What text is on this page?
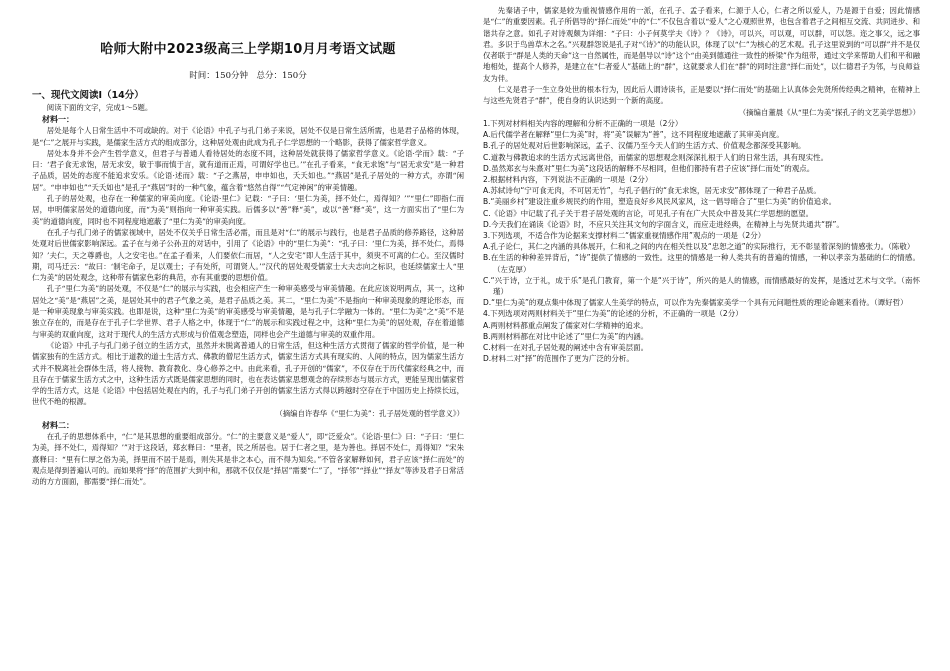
哈师大附中2023级高三上学期10月月考语文试题
时间：150分钟　总分：150分

一、现代文阅读Ⅰ（14分）

阅读下面的文字，完成1～5题。

材料一：

居处是每个人日常生活中不可或缺的。对于《论语》中孔子与孔门弟子来说，居处不仅是日常生活所需，也是君子品格的体现，是“仁”之展开与实践，是儒家生活方式的组成部分，这种居处观由此成为孔子仁学思想的一个略影，获得了儒家哲学意义。

居处本身并不会产生哲学意义，但君子与普通人看待居处的态度不同，这种居处就获得了儒家哲学意义。《论语·学而》载：“子曰：‘君子食无求饱，居无求安，敏于事而慎于言，就有道而正焉，可谓好学也已。’”在孔子看来，“食无求饱”与“居无求安”是一种君子品质，居处的态度不能追求安乐。《论语·述而》载：“子之燕居，申申如也，夭夭如也。”“燕居”是孔子居处的一种方式，亦谓“闲居”。“申申如也”“夭夭如也”是孔子“燕居”时的一种气象，蕴含着“悠然自得”“气定神闲”的审美情趣。

孔子的居处观，也存在一种儒家的审美向度。《论语·里仁》记载：“子曰：‘里仁为美，择不处仁，焉得知？’”“里仁”即指仁而居，申明儒家居处的道德向度，而“为美”则指向一种审美实践。后儒多以“善”释“美”，或以“善”释“美”，这一方面实出了“里仁为美”的道德向度，同时也不同程度地遮蔽了“里仁为美”的审美向度。

在孔子与孔门弟子的儒家视域中，居处不仅关乎日常生活必需，而且是对“仁”的展示与践行，也是君子品质的修养路径，这种居处观对后世儒家影响深远。孟子在与弟子公孙丑的对话中，引用了《论语》中的“里仁为美”：“孔子曰：‘里仁为美，择不处仁，焉得知？’夫仁，天之尊爵也，人之安宅也。”在孟子看来，人们要依仁而居，“人之安宅”即人生活于其中，须臾不可离的仁心。至汉儒时期，司马迁云：“故曰：‘制宅命子，足以观士；子有处所，可谓贤人。’”汉代的居处观受儒家士大夫志向之标识，也延续儒家士人“里仁为美”的居处观念，这种带有儒家色彩的典范，亦有其重要的思想价值。

孔子“里仁为美”的居处观，不仅是“仁”的展示与实践，也会相应产生一种审美感受与审美情趣。在此应该说明两点，其一，这种居处之“美”是“燕居”之美，是居处其中的君子气象之美，是君子品质之美。其二，“里仁为美”不是指向一种审美现象的理论形态，而是一种审美现象与审美实践。也即是说，这种“里仁为美”的审美感受与审美情趣，是与孔子仁学融为一体的。“里仁为美”之“美”不是独立存在的，而是存在于孔子仁学世界、君子人格之中，体现于“仁”的展示和实践过程之中，这种“里仁为美”的居处观，存在着道德与审美的双重向度，这对于现代人的生活方式形成与价值观念塑造，同样也会产生道德与审美的双重作用。

《论语》中孔子与孔门弟子创立的生活方式，虽然并未脱离普通人的日常生活，但这种生活方式贯彻了儒家的哲学价值，是一种儒家独有的生活方式。相比于道教的道士生活方式、佛教的僧尼生活方式，儒家生活方式具有现实的、人间的特点，因为儒家生活方式并不脱离社会群体生活，将人接物、教育教化、身心修养之中。由此来看，孔子开创的“儒家”，不仅存在于历代儒家经典之中，而且存在于儒家生活方式之中，这种生活方式既是儒家思想的同时，也在表达儒家思想观念的存续形态与展示方式，更能呈现出儒家哲学的生活方式，这是《论语》中包括居处观在内的，孔子与孔门弟子开创的儒家生活方式得以跨越时空存在于中国历史上持续长远，世代不绝的根源。

（摘编自许春华《“里仁为美”：孔子居处观的哲学意义》）

材料二：

在孔子的思想体系中，“仁”是其思想的重要组成部分。“仁”的主要意义是“爱人”，即“泛爱众”。《论语·里仁》曰：“子曰：‘里仁为美，择不处仁，焉得知？’”对于这段话，郑玄释曰：“里者，民之所居也。居于仁者之里，是为善也。择居不处仁，焉得知？”宋朱熹释曰：“里有仁厚之俗为美，择里而不居于是焉，则失其是非之本心，而不得为知矣。”不管各家解释如何，君子应该“择仁而处”的观点是得到普遍认可的。而如果将“择”的范围扩大到中和，那就不仅仅是“择居”需要“仁”了，“择邻”“择业”“择友”等涉及君子日常活动的方方面面，都需要“择仁而处”。

先秦诸子中，儒家是较为重视情感作用的一派，在孔子、孟子看来，仁源于人心，仁者之所以爱人，乃是源于自爱；因此情感是“仁”的重要因素。孔子所倡导的“择仁而处”中的“仁”不仅包含着以“爱人”之心观照世界，也包含着君子之间相互交流、共同进步、和谐共存之意。如孔子对诗观颇为详细：“子曰：小子何莫学夫《诗》？《诗》，可以兴，可以观，可以群，可以怨。迩之事父，远之事君。多识于鸟兽草木之名。”兴观群怨说是孔子对“《诗》”的功能认识，体现了以“仁”为核心的艺术观。孔子这里说到的“可以群”并不是仅仅者联于“群是人类的天命”这一自然属性，而是倡导以“诗”这个“由美到德通往一致性的桥梁”作为纽带，通过文学来帮助人们和平和融地相处，提高个人修养，是建立在“仁者爱人”基础上的“群”，这就要求人们在“群”的同时注意“择仁而处”，以仁德君子为邻，与良师益友为伴。

仁义是君子一生立身处世的根本行为，因此后人谓诗读书，正是要以“择仁而处”的基础上认真体会先贤所传经典之精神，在精神上与这些先贤君子“群”，使自身的认识达到一个新的高度。

（摘编自董晨《从“里仁为美”探孔子的文艺美学思想》）

1.下列对材料相关内容的理解和分析不正确的一项是（2分）

A.后代儒学者在解释“里仁为美”时，将“美”误解为“善”，这不同程度地遮蔽了其审美向度。

B.孔子的居处观对后世影响深远，孟子、汉儒乃至今天人们的生活方式、价值观念都深受其影响。

C.道教与佛教追求的生活方式远离世俗，而儒家的思想观念则深深扎根于人们的日常生活，具有现实性。

D.虽然郑玄与朱熹对“里仁为美”这段话的解释不尽相同，但他们都持有君子应该“择仁而处”的观点。

2.根据材料内容，下列说法不正确的一项是（2分）

A.苏轼诗句“宁可食无肉，不可居无竹”，与孔子倡行的“食无求饱，居无求安”都体现了一种君子品质。

B.“美丽乡村”建设注重乡规民约的作用，塑造良好乡风民风家风，这一倡导暗合了“里仁为美”的价值追求。

C.《论语》中记载了孔子关于君子居处观的言论，可见孔子有在广大民众中普及其仁学思想的愿望。

D.今天我们在诵读《论语》时，不应只关注其文句的字面含义，而应走进经典，在精神上与先贤共通共“群”。

3.下列选项，不适合作为论据来支撑材料二“儒家重视情感作用”观点的一项是（2分）

A.孔子论仁，其仁之内涵的具体展开，仁和礼之间的内在相关性以及“忠恕之道”的实际推行，无不彰显着深刻的情感张力。（陈敬）

B.在生活的种种差异背后，“诗”提供了情感的一致性。这里的情感是一种人类共有的普遍的情感，一种以孝亲为基础的仁的情感。（左克厚）

C.“兴于诗，立于礼，成于乐”是孔门教育，第一个是“兴于诗”，所兴的是人的情感，而情感最好的发挥，是透过艺术与文学。（南怀瑾）

D.“里仁为美”的观点集中体现了儒家人生美学的特点，可以作为先秦儒家美学一个具有元问题性质的理论命题来看待。（谭好哲）

4.下列选项对两则材料关于“里仁为美”的论述的分析，不正确的一项是（2分）

A.两则材料都重点阐发了儒家对仁学精神的追求。

B.两则材料都在对比中论述了“里仁为美”的内涵。

C.材料一在对孔子居处观的阐述中含有审美层面。

D.材料二对“择”的范围作了更为广泛的分析。
